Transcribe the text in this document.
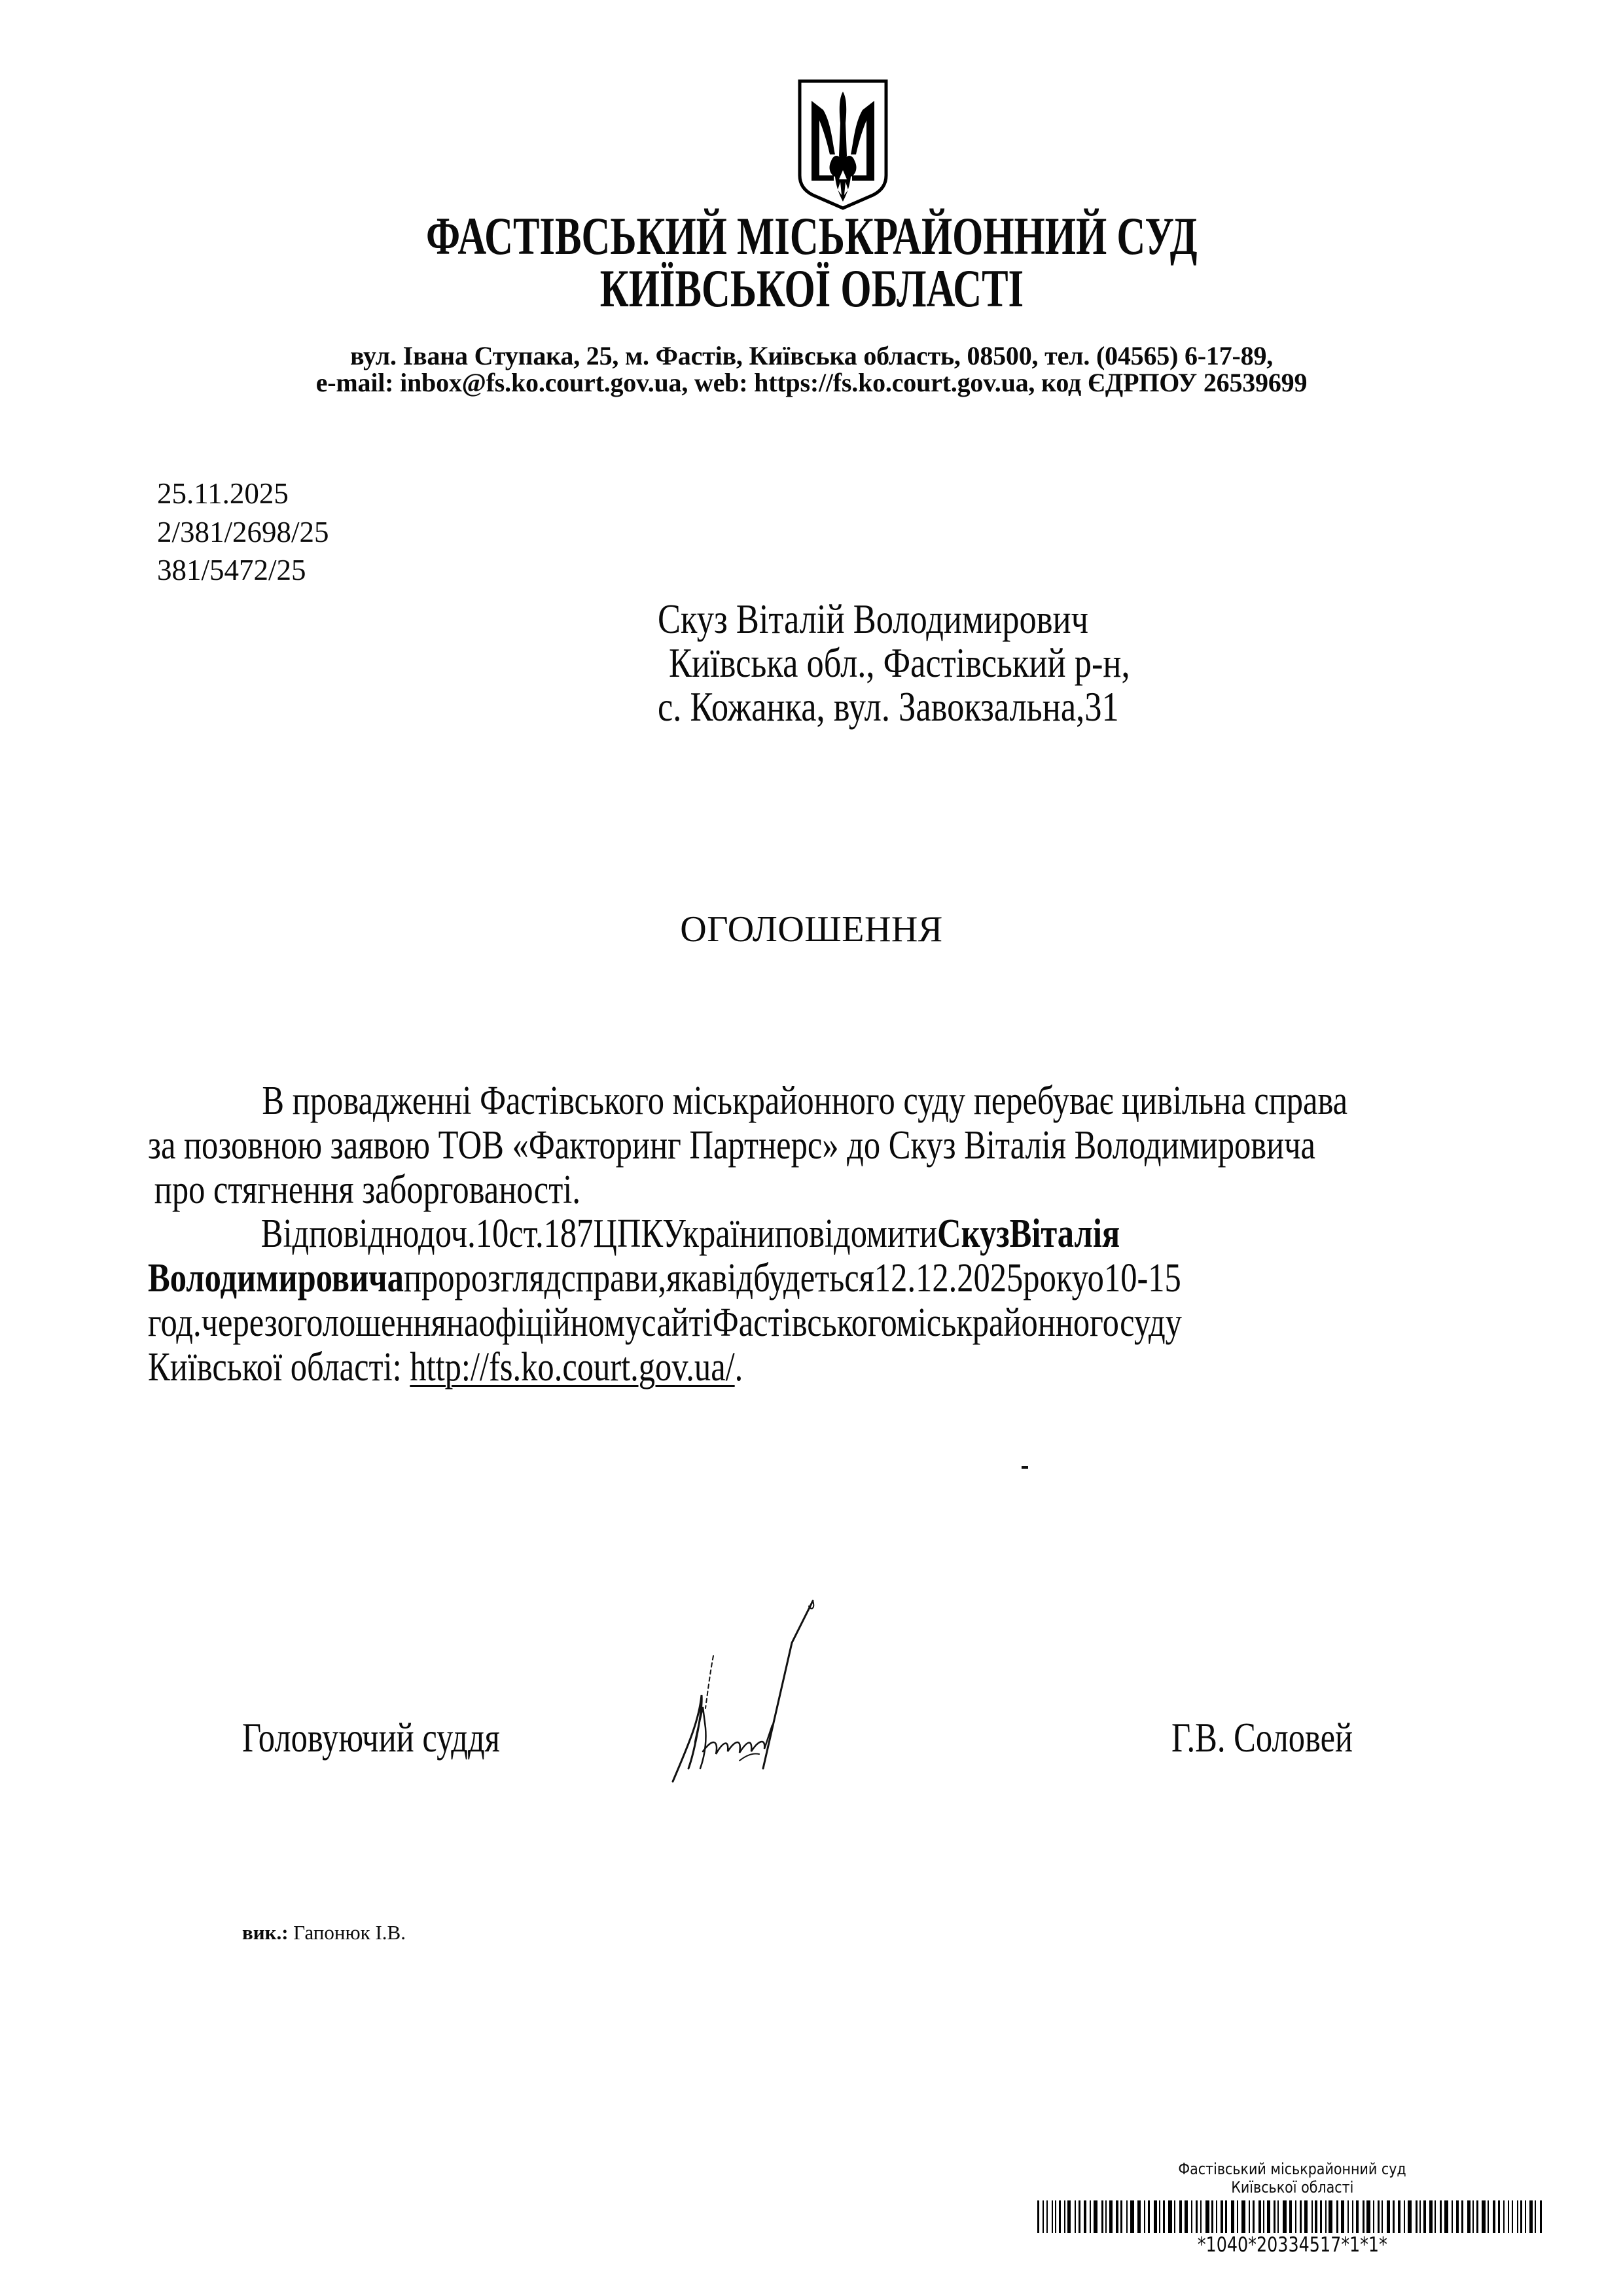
ФАСТІВСЬКИЙ МІСЬКРАЙОННИЙ СУД
КИЇВСЬКОЇ ОБЛАСТІ
вул. Івана Ступака, 25, м. Фастів, Київська область, 08500, тел. (04565) 6-17-89,
e-mail: inbox@fs.ko.court.gov.ua, web: https://fs.ko.court.gov.ua, код ЄДРПОУ 26539699
25.11.2025
2/381/2698/25
381/5472/25
Скуз Віталій Володимирович
Київська обл., Фастівський р-н,
с. Кожанка, вул. Завокзальна,31
ОГОЛОШЕННЯ
В провадженні Фастівського міськрайонного суду перебуває цивільна справа
за позовною заявою ТОВ «Факторинг Партнерс» до Скуз Віталія Володимировича
про стягнення заборгованості.
Відповіднодоч.10ст.187ЦПКУкраїниповідомитиСкузВіталія
Володимировичапророзглядсправи,якавідбудеться12.12.2025рокуо10-15
год.черезоголошеннянаофіційномусайтіФастівськогоміськрайонногосуду
Київської області: http://fs.ko.court.gov.ua/.
Головуючий суддя	Г.В. Соловей
вик.: Гапонюк І.В.
Фастівський міськрайонний суд
Київської області
*1040*20334517*1*1*
